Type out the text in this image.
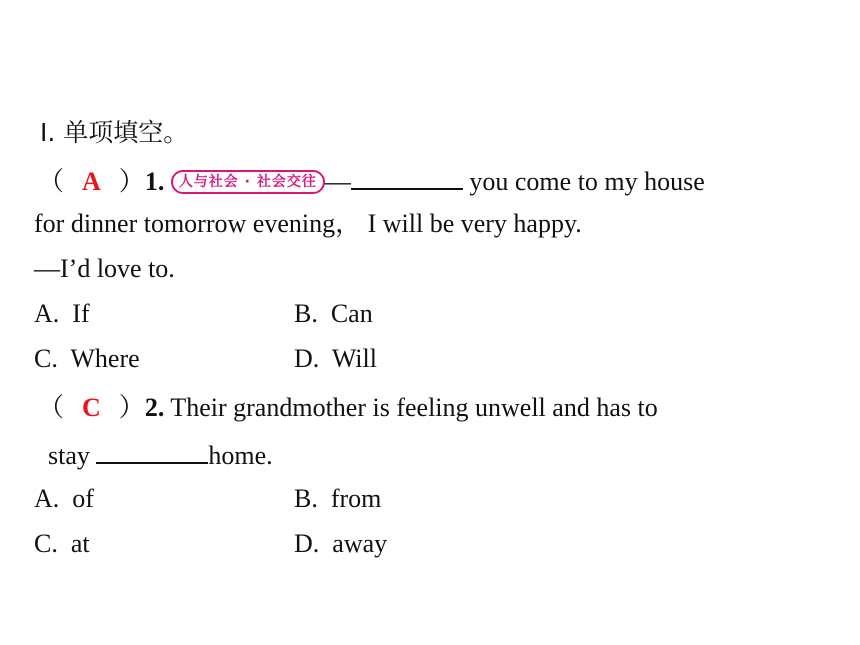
Ⅰ. 单项填空。
（ A ）1. 人与社会 · 社会交往 —	you come to my house
for dinner tomorrow evening， I will be very happy.
—I’d love to.
A. If	B. Can
C. Where	D. Will
（ C ）2. Their grandmother is feeling unwell and has to
stay	home.
A. of	B. from
C. at	D. away
